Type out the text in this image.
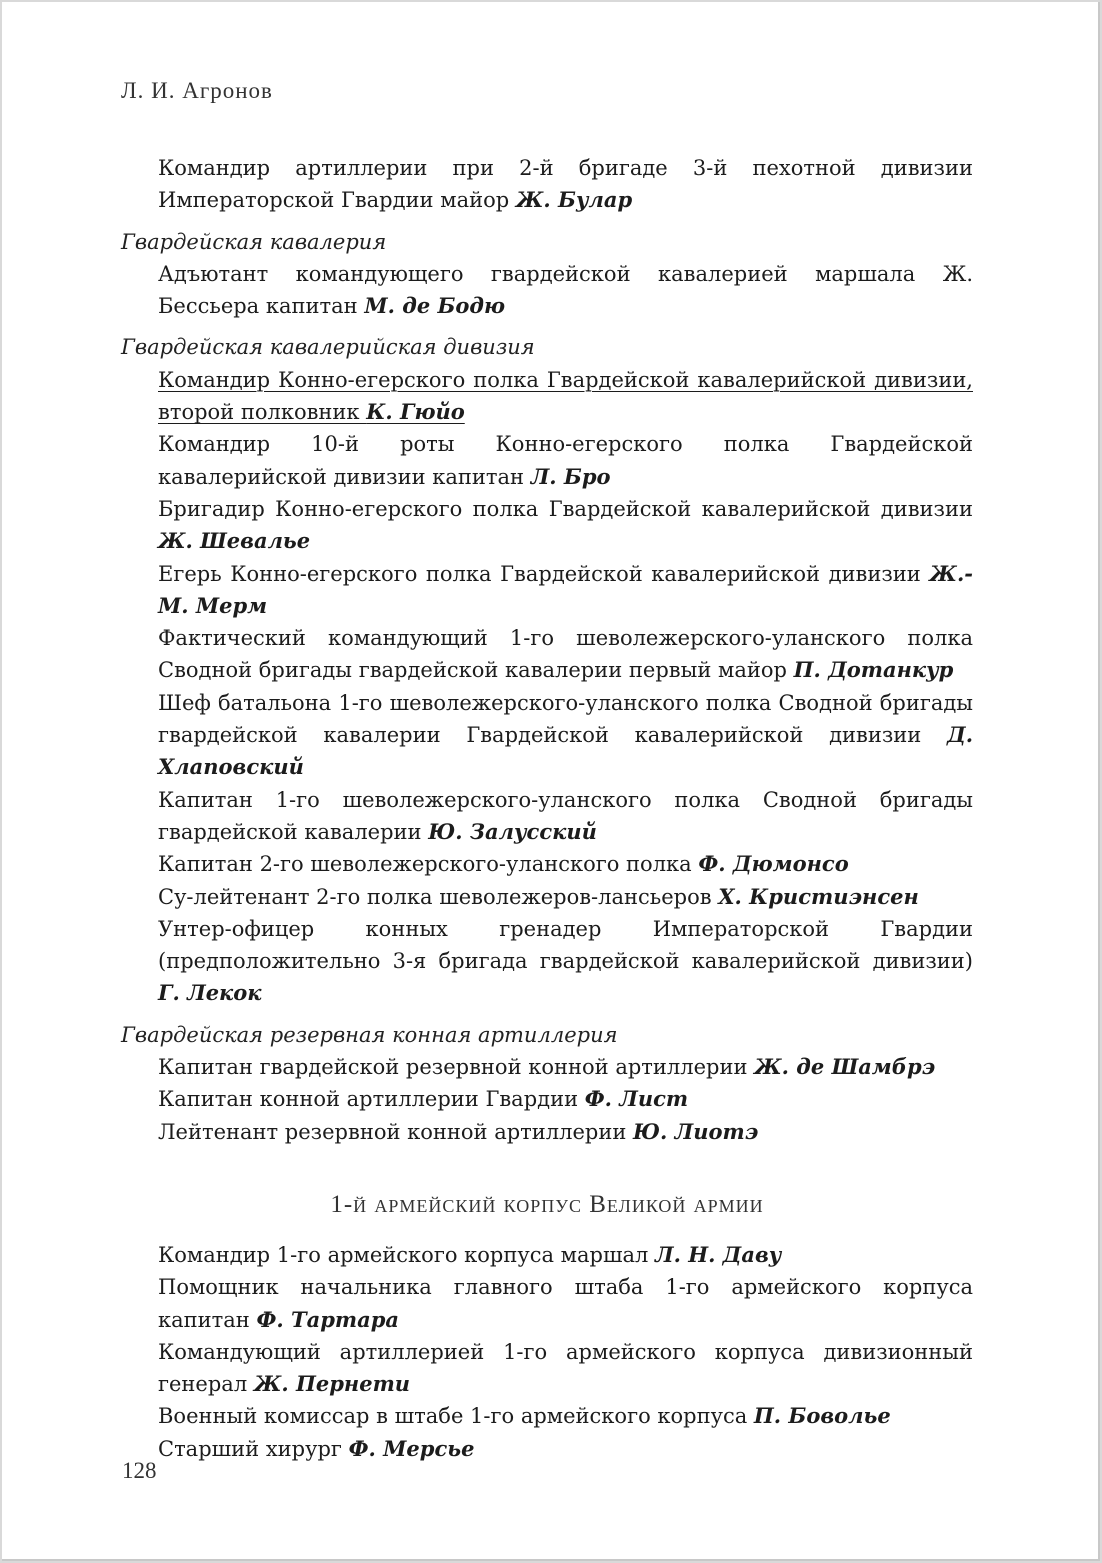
Л. И. Агронов

Командир артиллерии при 2-й бригаде 3-й пехотной дивизии Императорской Гвардии майор Ж. Булар

Гвардейская кавалерия

Адъютант командующего гвардейской кавалерией маршала Ж. Бессьера капитан М. де Бодю

Гвардейская кавалерийская дивизия

Командир Конно-егерского полка Гвардейской кавалерийской дивизии, второй полковник К. Гюйо

Командир 10-й роты Конно-егерского полка Гвардейской кавалерийской дивизии капитан Л. Бро

Бригадир Конно-егерского полка Гвардейской кавалерийской дивизии Ж. Шевалье

Егерь Конно-егерского полка Гвардейской кавалерийской дивизии Ж.-М. Мерм

Фактический командующий 1-го шеволежерского-уланского полка Сводной бригады гвардейской кавалерии первый майор П. Дотанкур

Шеф батальона 1-го шеволежерского-уланского полка Сводной бригады гвардейской кавалерии Гвардейской кавалерийской дивизии Д. Хлаповский

Капитан 1-го шеволежерского-уланского полка Сводной бригады гвардейской кавалерии Ю. Залусский

Капитан 2-го шеволежерского-уланского полка Ф. Дюмонсо

Су-лейтенант 2-го полка шеволежеров-лансьеров Х. Кристиэнсен

Унтер-офицер конных гренадер Императорской Гвардии (предположительно 3-я бригада гвардейской кавалерийской дивизии) Г. Лекок

Гвардейская резервная конная артиллерия

Капитан гвардейской резервной конной артиллерии Ж. де Шамбрэ

Капитан конной артиллерии Гвардии Ф. Лист

Лейтенант резервной конной артиллерии Ю. Лиотэ

1-й армейский корпус Великой армии

Командир 1-го армейского корпуса маршал Л. Н. Даву

Помощник начальника главного штаба 1-го армейского корпуса капитан Ф. Тартара

Командующий артиллерией 1-го армейского корпуса дивизионный генерал Ж. Пернети

Военный комиссар в штабе 1-го армейского корпуса П. Боволье

Старший хирург Ф. Мерсье

128
